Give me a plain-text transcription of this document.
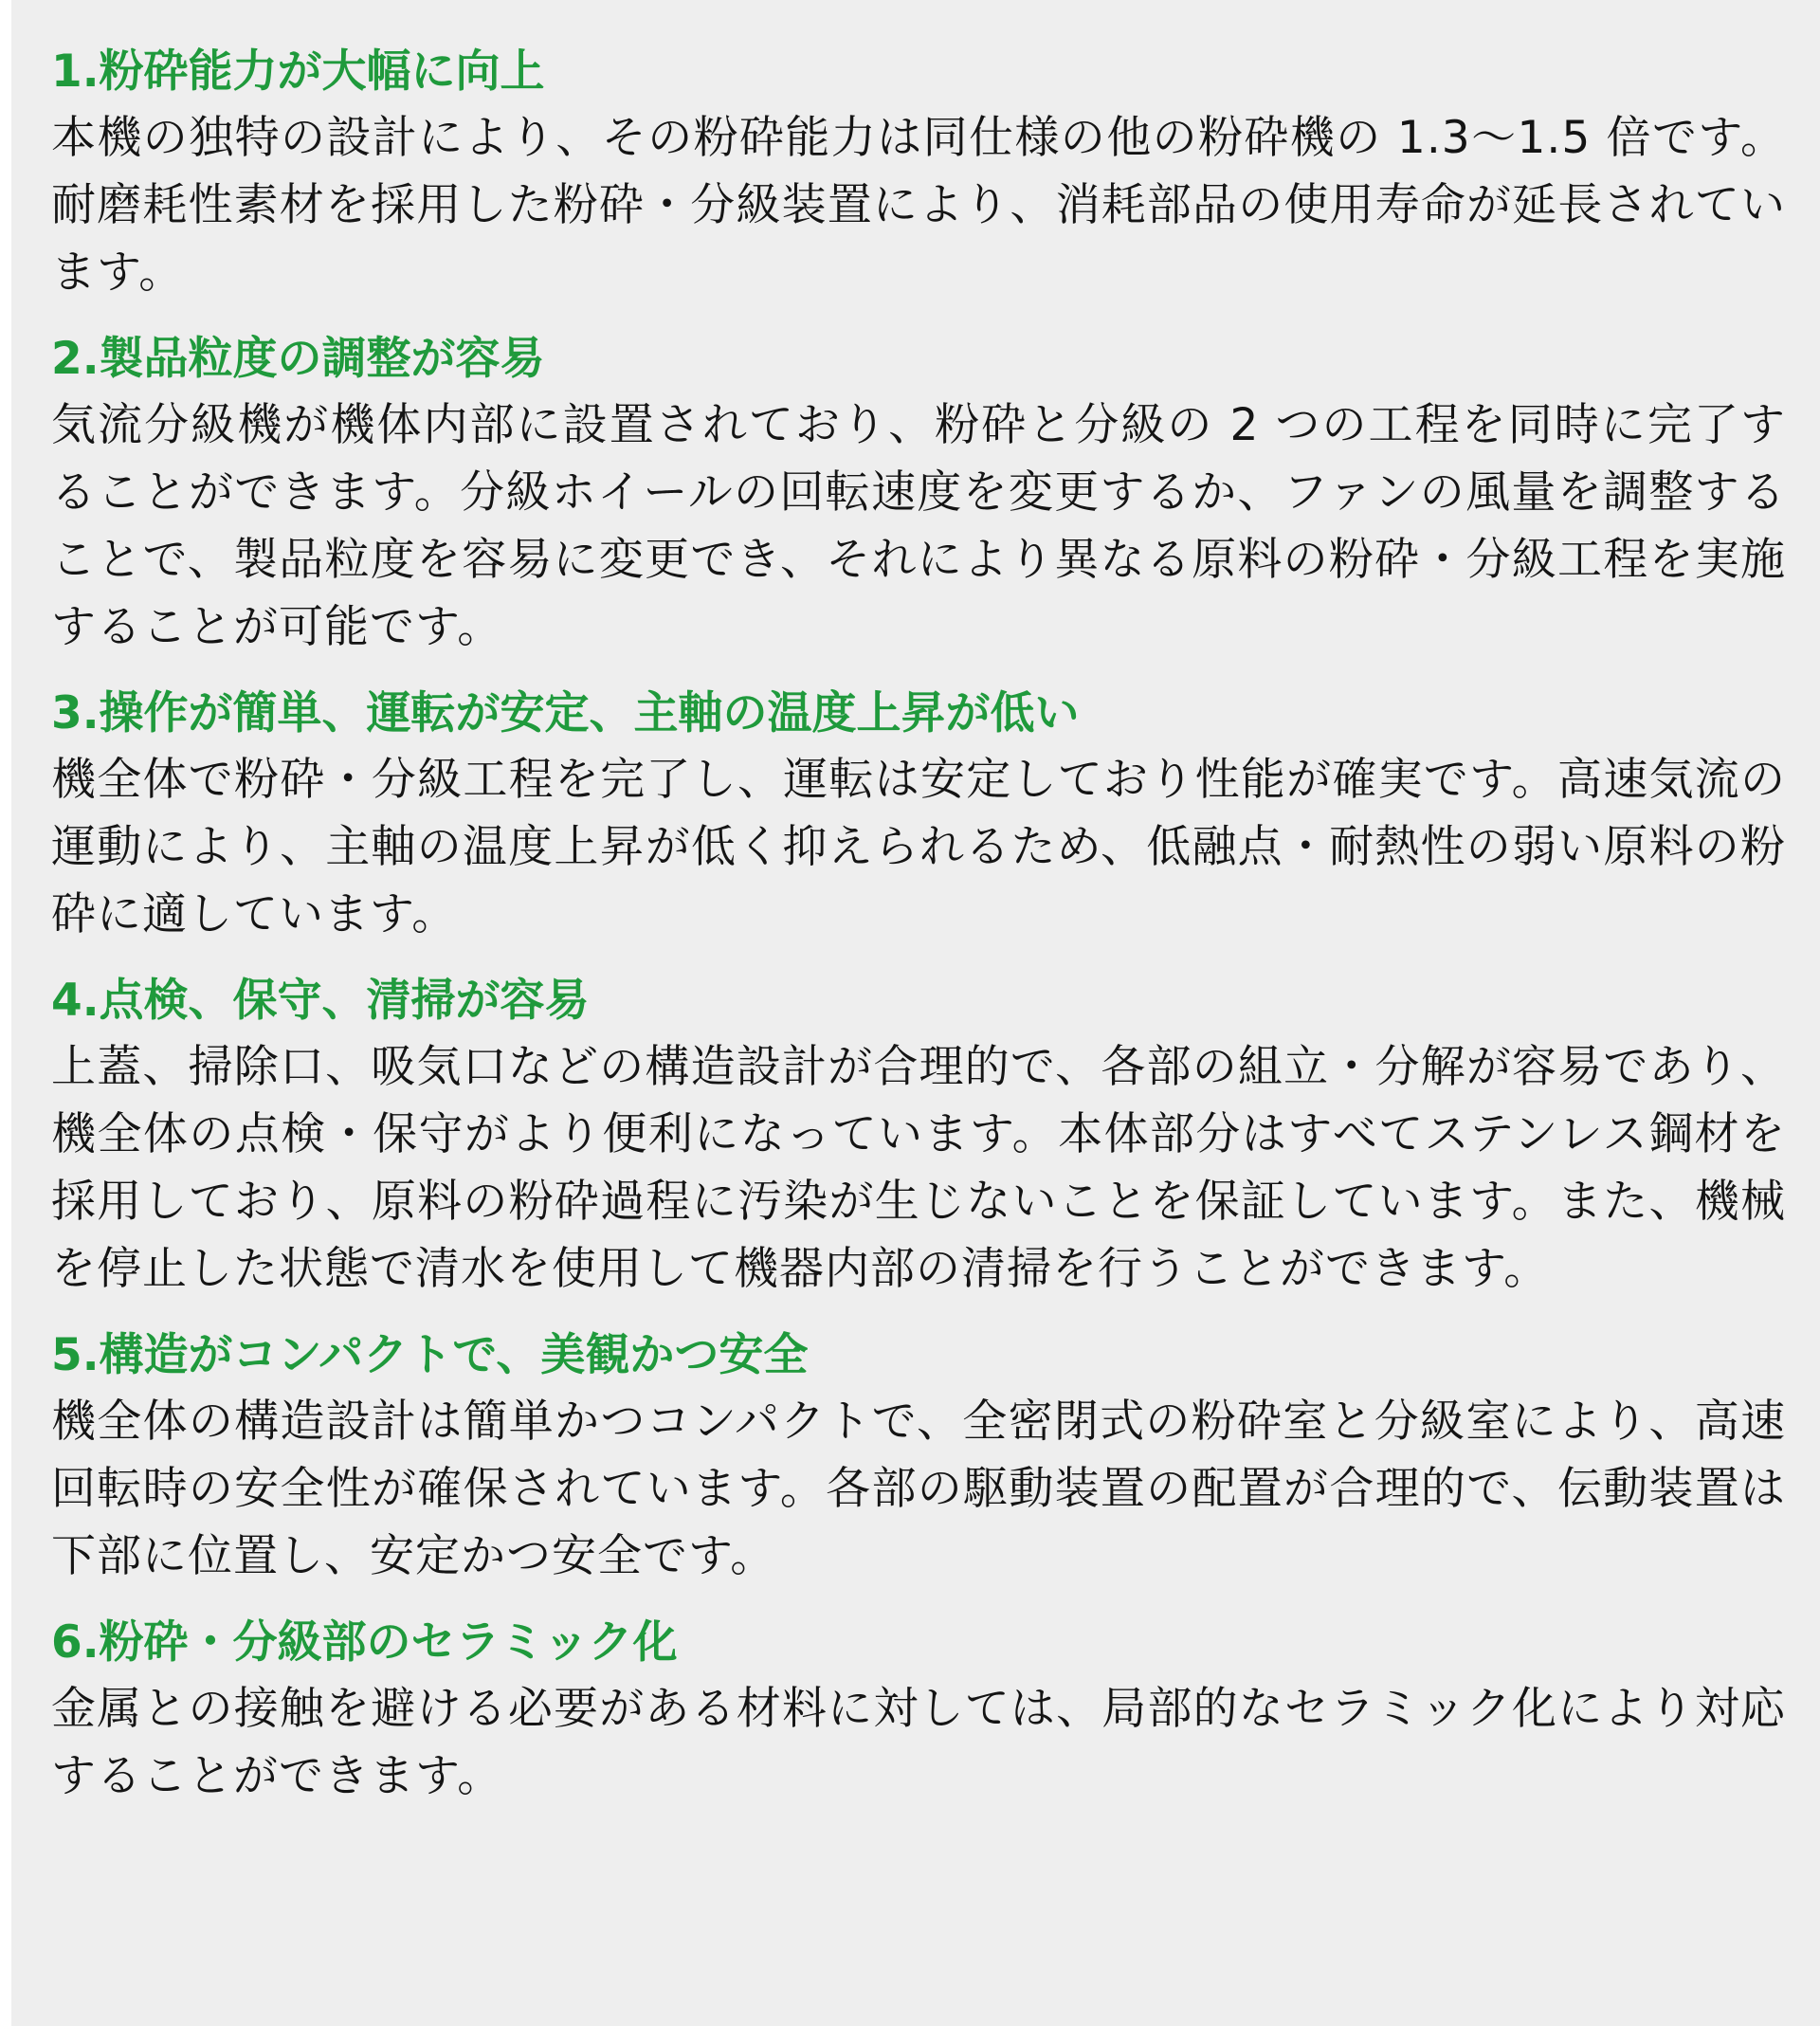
1.粉砕能力が大幅に向上

本機の独特の設計により、その粉砕能力は同仕様の他の粉砕機の 1.3〜1.5 倍です。耐磨耗性素材を採用した粉砕・分級装置により、消耗部品の使用寿命が延長されています。

2.製品粒度の調整が容易

気流分級機が機体内部に設置されており、粉砕と分級の 2 つの工程を同時に完了することができます。分級ホイールの回転速度を変更するか、ファンの風量を調整することで、製品粒度を容易に変更でき、それにより異なる原料の粉砕・分級工程を実施することが可能です。

3.操作が簡単、運転が安定、主軸の温度上昇が低い

機全体で粉砕・分級工程を完了し、運転は安定しており性能が確実です。高速気流の運動により、主軸の温度上昇が低く抑えられるため、低融点・耐熱性の弱い原料の粉砕に適しています。

4.点検、保守、清掃が容易

上蓋、掃除口、吸気口などの構造設計が合理的で、各部の組立・分解が容易であり、機全体の点検・保守がより便利になっています。本体部分はすべてステンレス鋼材を採用しており、原料の粉砕過程に汚染が生じないことを保証しています。また、機械を停止した状態で清水を使用して機器内部の清掃を行うことができます。

5.構造がコンパクトで、美観かつ安全

機全体の構造設計は簡単かつコンパクトで、全密閉式の粉砕室と分級室により、高速回転時の安全性が確保されています。各部の駆動装置の配置が合理的で、伝動装置は下部に位置し、安定かつ安全です。

6.粉砕・分級部のセラミック化

金属との接触を避ける必要がある材料に対しては、局部的なセラミック化により対応することができます。
